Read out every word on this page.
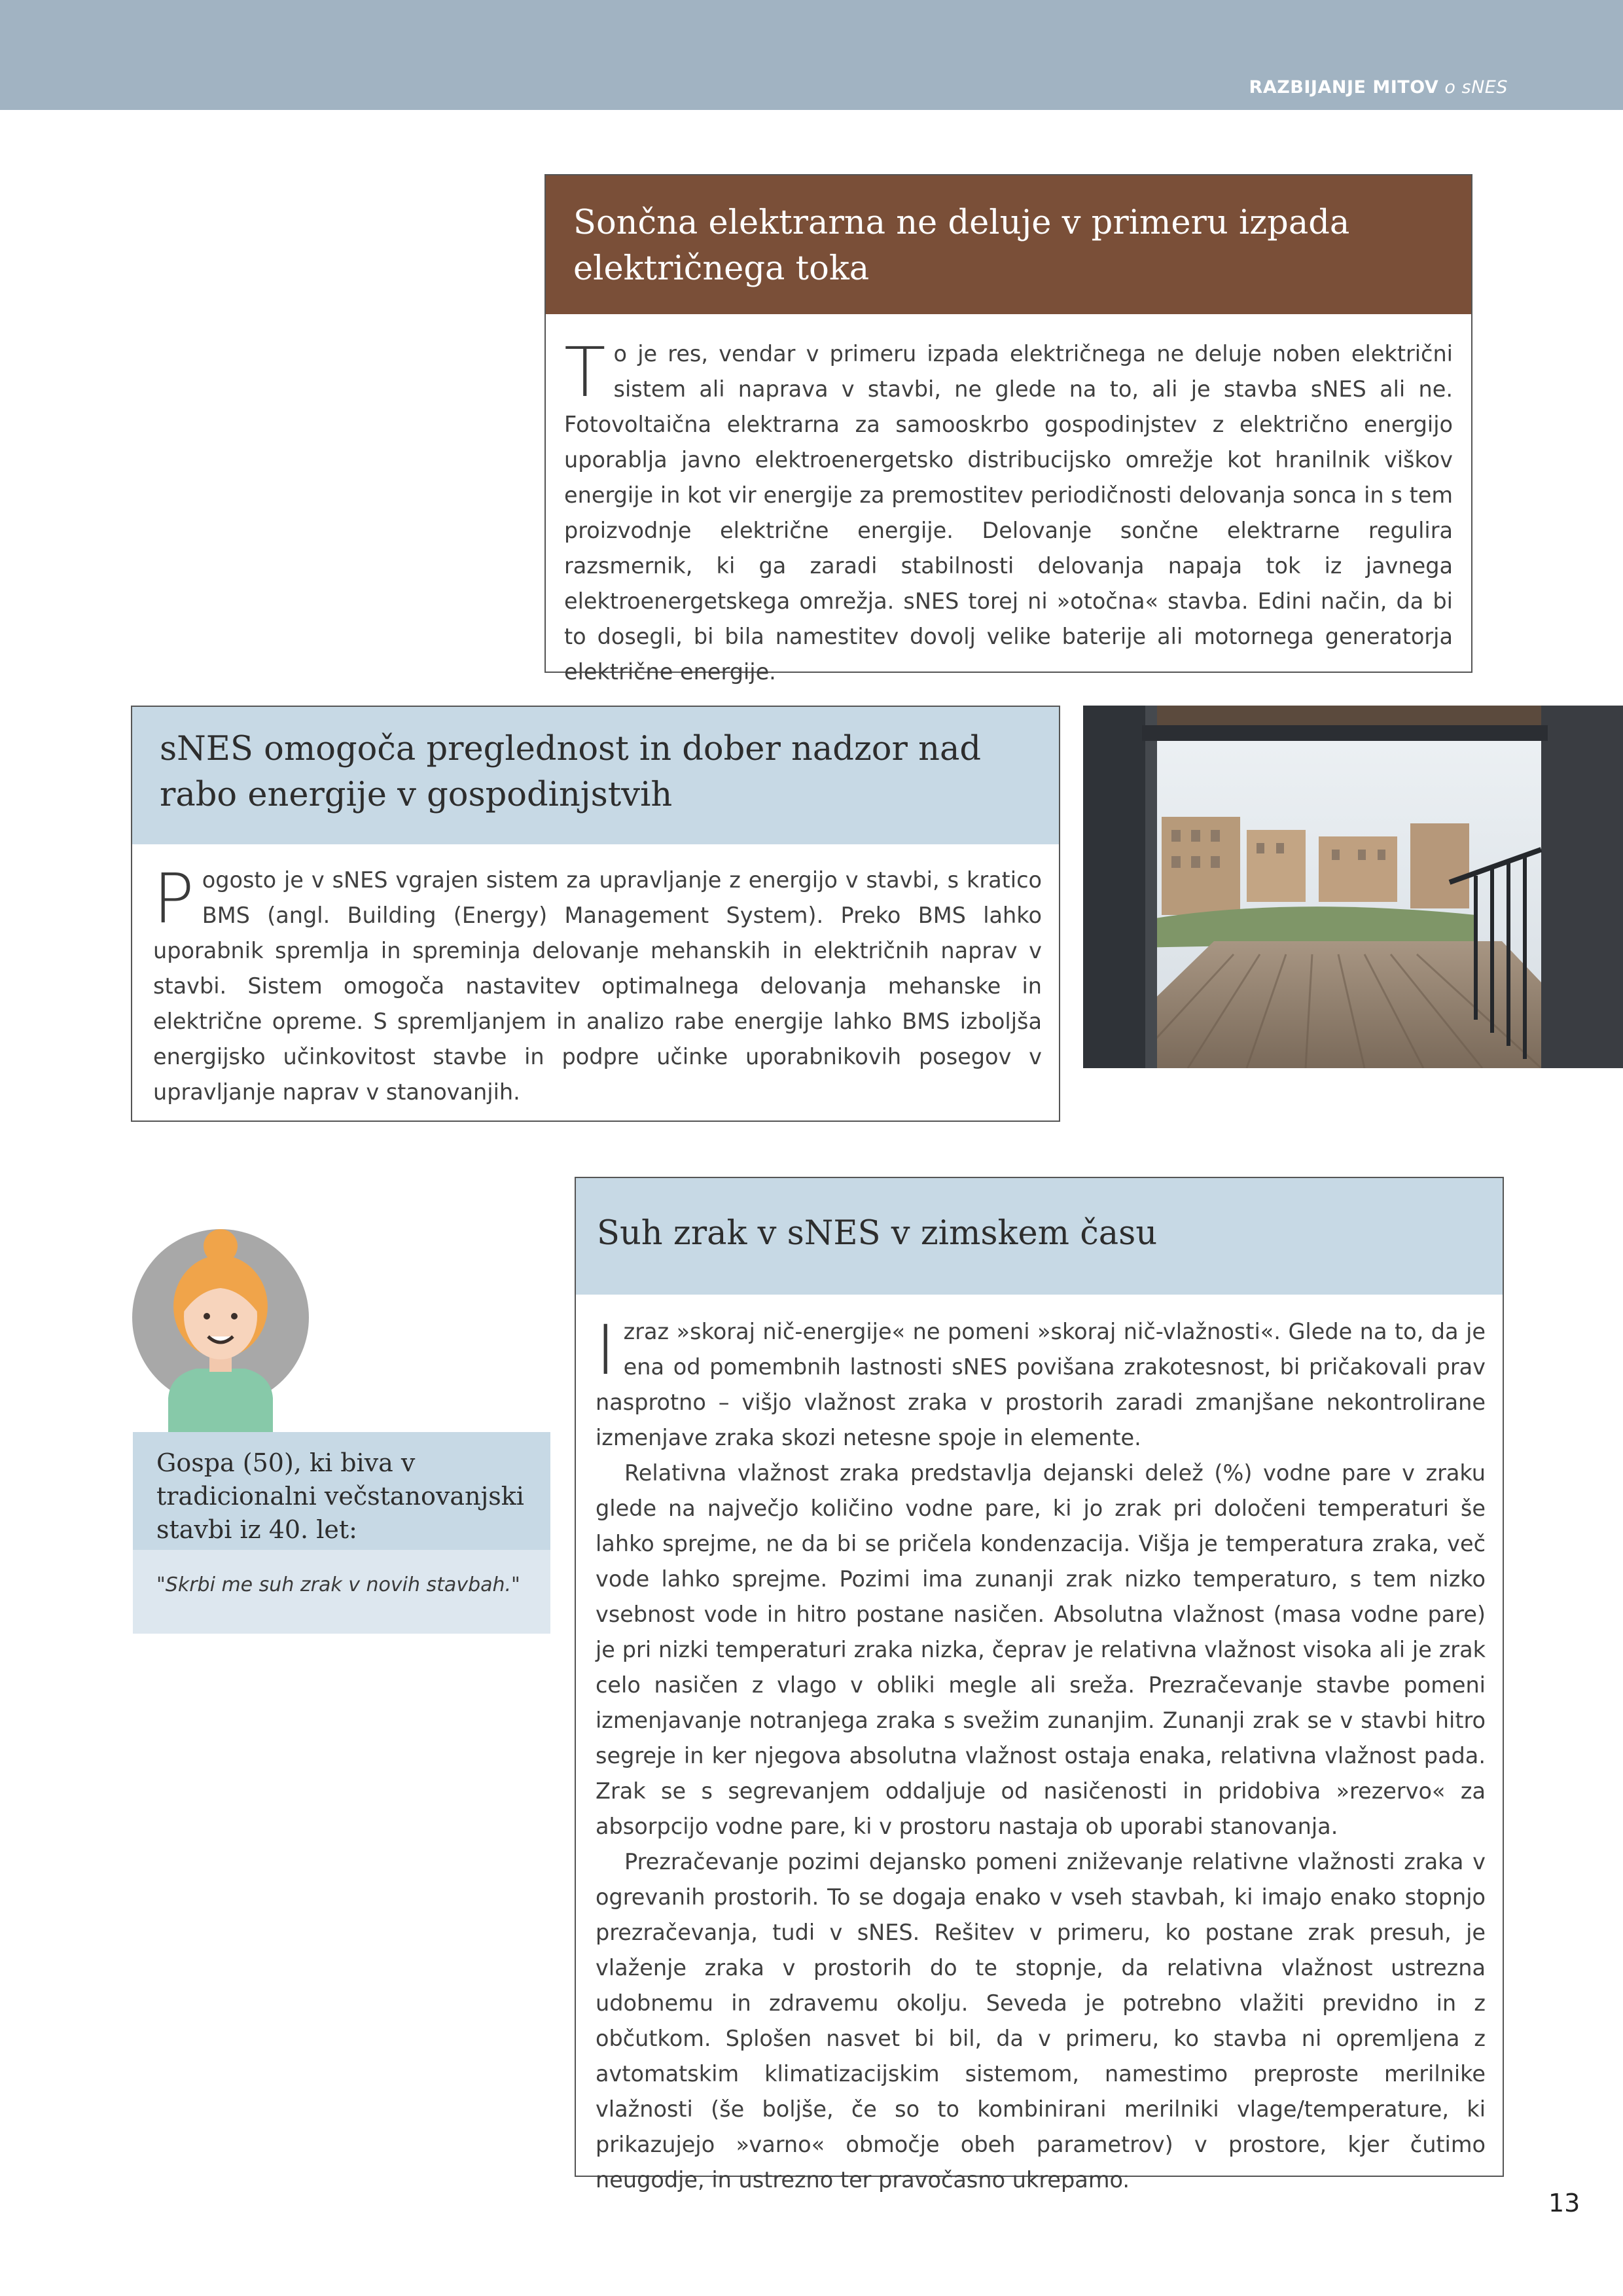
RAZBIJANJE MITOV o sNES
Sončna elektrarna ne deluje v primeru izpada električnega toka

To je res, vendar v primeru izpada električnega ne deluje noben električni sistem ali naprava v stavbi, ne glede na to, ali je stavba sNES ali ne. Fotovoltaična elektrarna za samooskrbo gospodinjstev z električno energijo uporablja javno elektroenergetsko distribucijsko omrežje kot hranilnik viškov energije in kot vir energije za premostitev periodičnosti delovanja sonca in s tem proizvodnje električne energije. Delovanje sončne elektrarne regulira razsmernik, ki ga zaradi stabilnosti delovanja napaja tok iz javnega elektroenergetskega omrežja. sNES torej ni »otočna« stavba. Edini način, da bi to dosegli, bi bila namestitev dovolj velike baterije ali motornega generatorja električne energije.

sNES omogoča preglednost in dober nadzor nad rabo energije v gospodinjstvih

Pogosto je v sNES vgrajen sistem za upravljanje z energijo v stavbi, s kratico BMS (angl. Building (Energy) Management System). Preko BMS lahko uporabnik spremlja in spreminja delovanje mehanskih in električnih naprav v stavbi. Sistem omogoča nastavitev optimalnega delovanja mehanske in električne opreme. S spremljanjem in analizo rabe energije lahko BMS izboljša energijsko učinkovitost stavbe in podpre učinke uporabnikovih posegov v upravljanje naprav v stanovanjih.

Gospa (50), ki biva v tradicionalni večstanovanjski stavbi iz 40. let:
"Skrbi me suh zrak v novih stavbah."
Suh zrak v sNES v zimskem času

Izraz »skoraj nič-energije« ne pomeni »skoraj nič-vlažnosti«. Glede na to, da je ena od pomembnih lastnosti sNES povišana zrakotesnost, bi pričakovali prav nasprotno – višjo vlažnost zraka v prostorih zaradi zmanjšane nekontrolirane izmenjave zraka skozi netesne spoje in elemente.

Relativna vlažnost zraka predstavlja dejanski delež (%) vodne pare v zraku glede na največjo količino vodne pare, ki jo zrak pri določeni temperaturi še lahko sprejme, ne da bi se pričela kondenzacija. Višja je temperatura zraka, več vode lahko sprejme. Pozimi ima zunanji zrak nizko temperaturo, s tem nizko vsebnost vode in hitro postane nasičen. Absolutna vlažnost (masa vodne pare) je pri nizki temperaturi zraka nizka, čeprav je relativna vlažnost visoka ali je zrak celo nasičen z vlago v obliki megle ali sreža. Prezračevanje stavbe pomeni izmenjavanje notranjega zraka s svežim zunanjim. Zunanji zrak se v stavbi hitro segreje in ker njegova absolutna vlažnost ostaja enaka, relativna vlažnost pada. Zrak se s segrevanjem oddaljuje od nasičenosti in pridobiva »rezervo« za absorpcijo vodne pare, ki v prostoru nastaja ob uporabi stanovanja.

Prezračevanje pozimi dejansko pomeni zniževanje relativne vlažnosti zraka v ogrevanih prostorih. To se dogaja enako v vseh stavbah, ki imajo enako stopnjo prezračevanja, tudi v sNES. Rešitev v primeru, ko postane zrak presuh, je vlaženje zraka v prostorih do te stopnje, da relativna vlažnost ustrezna udobnemu in zdravemu okolju. Seveda je potrebno vlažiti previdno in z občutkom. Splošen nasvet bi bil, da v primeru, ko stavba ni opremljena z avtomatskim klimatizacijskim sistemom, namestimo preproste merilnike vlažnosti (še boljše, če so to kombinirani merilniki vlage/temperature, ki prikazujejo »varno« območje obeh parametrov) v prostore, kjer čutimo neugodje, in ustrezno ter pravočasno ukrepamo.

13
